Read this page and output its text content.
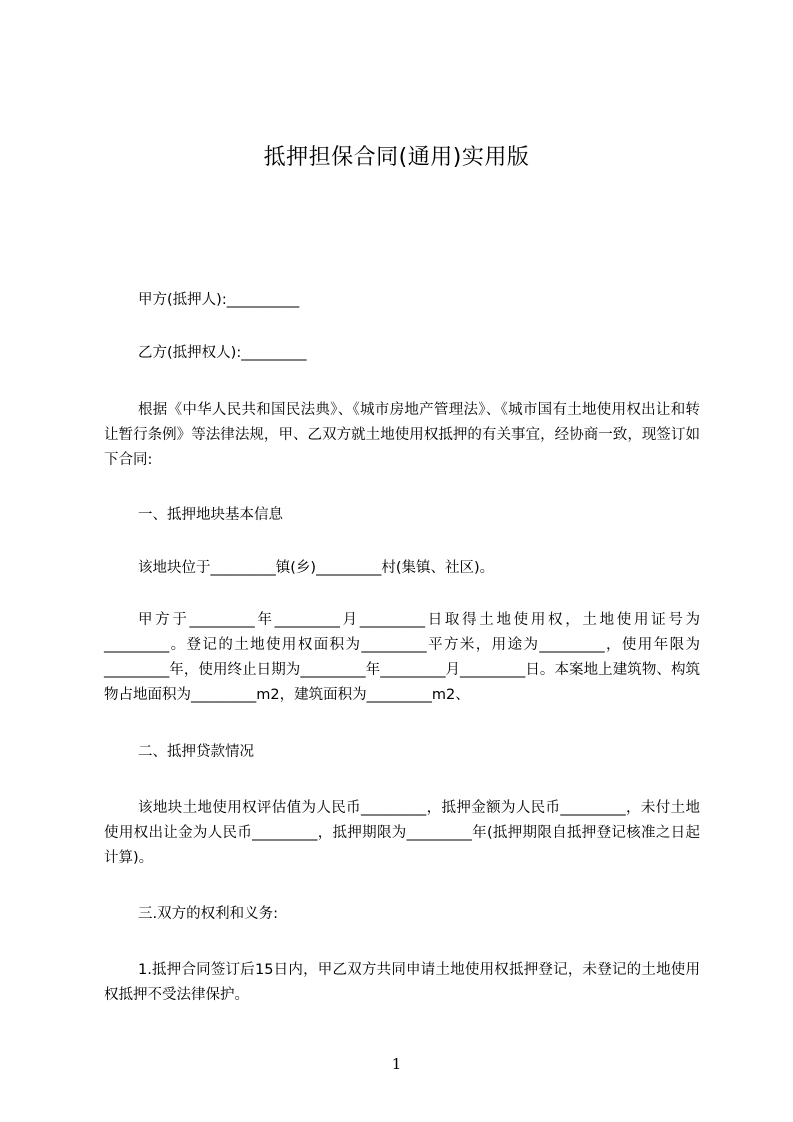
抵押担保合同(通用)实用版
甲方(抵押人):__________
乙方(抵押权人):_________
根据《中华人民共和国民法典》、《城市房地产管理法》、《城市国有土地使用权出让和转让暂行条例》等法律法规，甲、乙双方就土地使用权抵押的有关事宜，经协商一致，现签订如下合同:
一、抵押地块基本信息
该地块位于_________镇(乡)_________村(集镇、社区)。
甲方于_________年_________月_________日取得土地使用权，土地使用证号为_________。登记的土地使用权面积为_________平方米，用途为_________，使用年限为_________年，使用终止日期为_________年_________月_________日。本案地上建筑物、构筑物占地面积为_________m2，建筑面积为_________m2、
二、抵押贷款情况
该地块土地使用权评估值为人民币_________，抵押金额为人民币_________，未付土地使用权出让金为人民币_________，抵押期限为_________年(抵押期限自抵押登记核准之日起计算)。
三.双方的权利和义务:
1.抵押合同签订后15日内，甲乙双方共同申请土地使用权抵押登记，未登记的土地使用权抵押不受法律保护。
1
